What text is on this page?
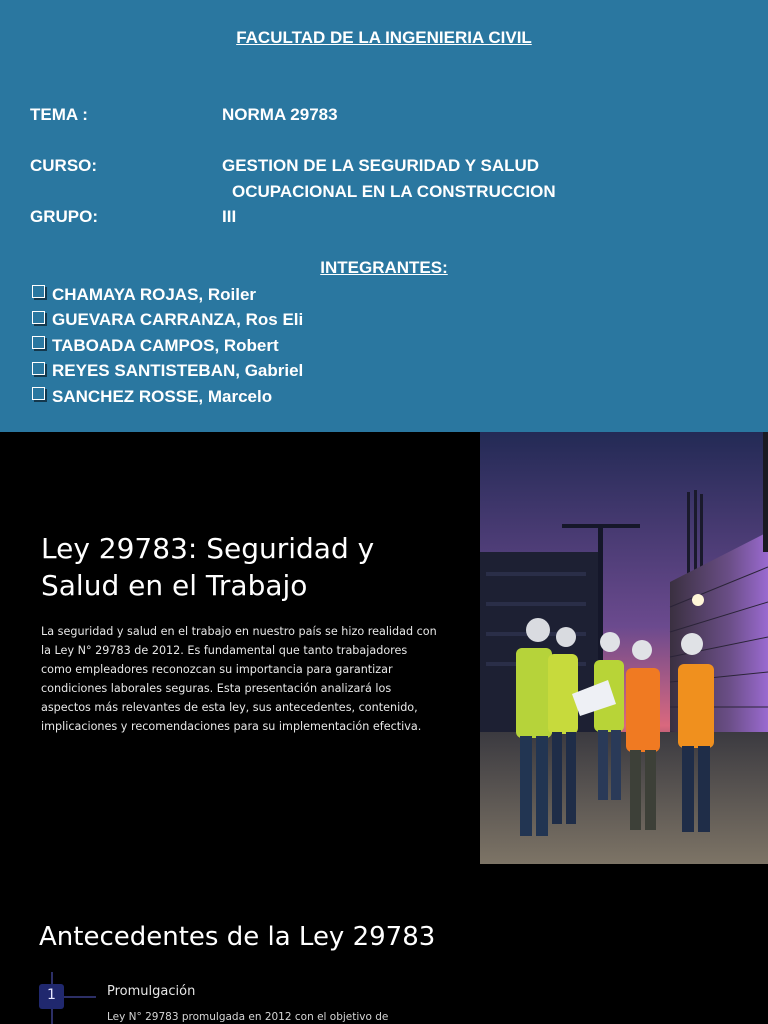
FACULTAD DE LA INGENIERIA CIVIL
TEMA :	NORMA 29783
CURSO:	GESTION DE LA SEGURIDAD Y SALUD
OCUPACIONAL EN LA CONSTRUCCION
GRUPO:	III
INTEGRANTES:
CHAMAYA ROJAS, Roiler
GUEVARA CARRANZA, Ros Eli
TABOADA CAMPOS, Robert
REYES SANTISTEBAN, Gabriel
SANCHEZ ROSSE, Marcelo
Ley 29783: Seguridad y Salud en el Trabajo

La seguridad y salud en el trabajo en nuestro país se hizo realidad con la Ley N° 29783 de 2012. Es fundamental que tanto trabajadores como empleadores reconozcan su importancia para garantizar condiciones laborales seguras. Esta presentación analizará los aspectos más relevantes de esta ley, sus antecedentes, contenido, implicaciones y recomendaciones para su implementación efectiva.

Antecedentes de la Ley 29783
1	Promulgación
Ley N° 29783 promulgada en 2012 con el objetivo de
